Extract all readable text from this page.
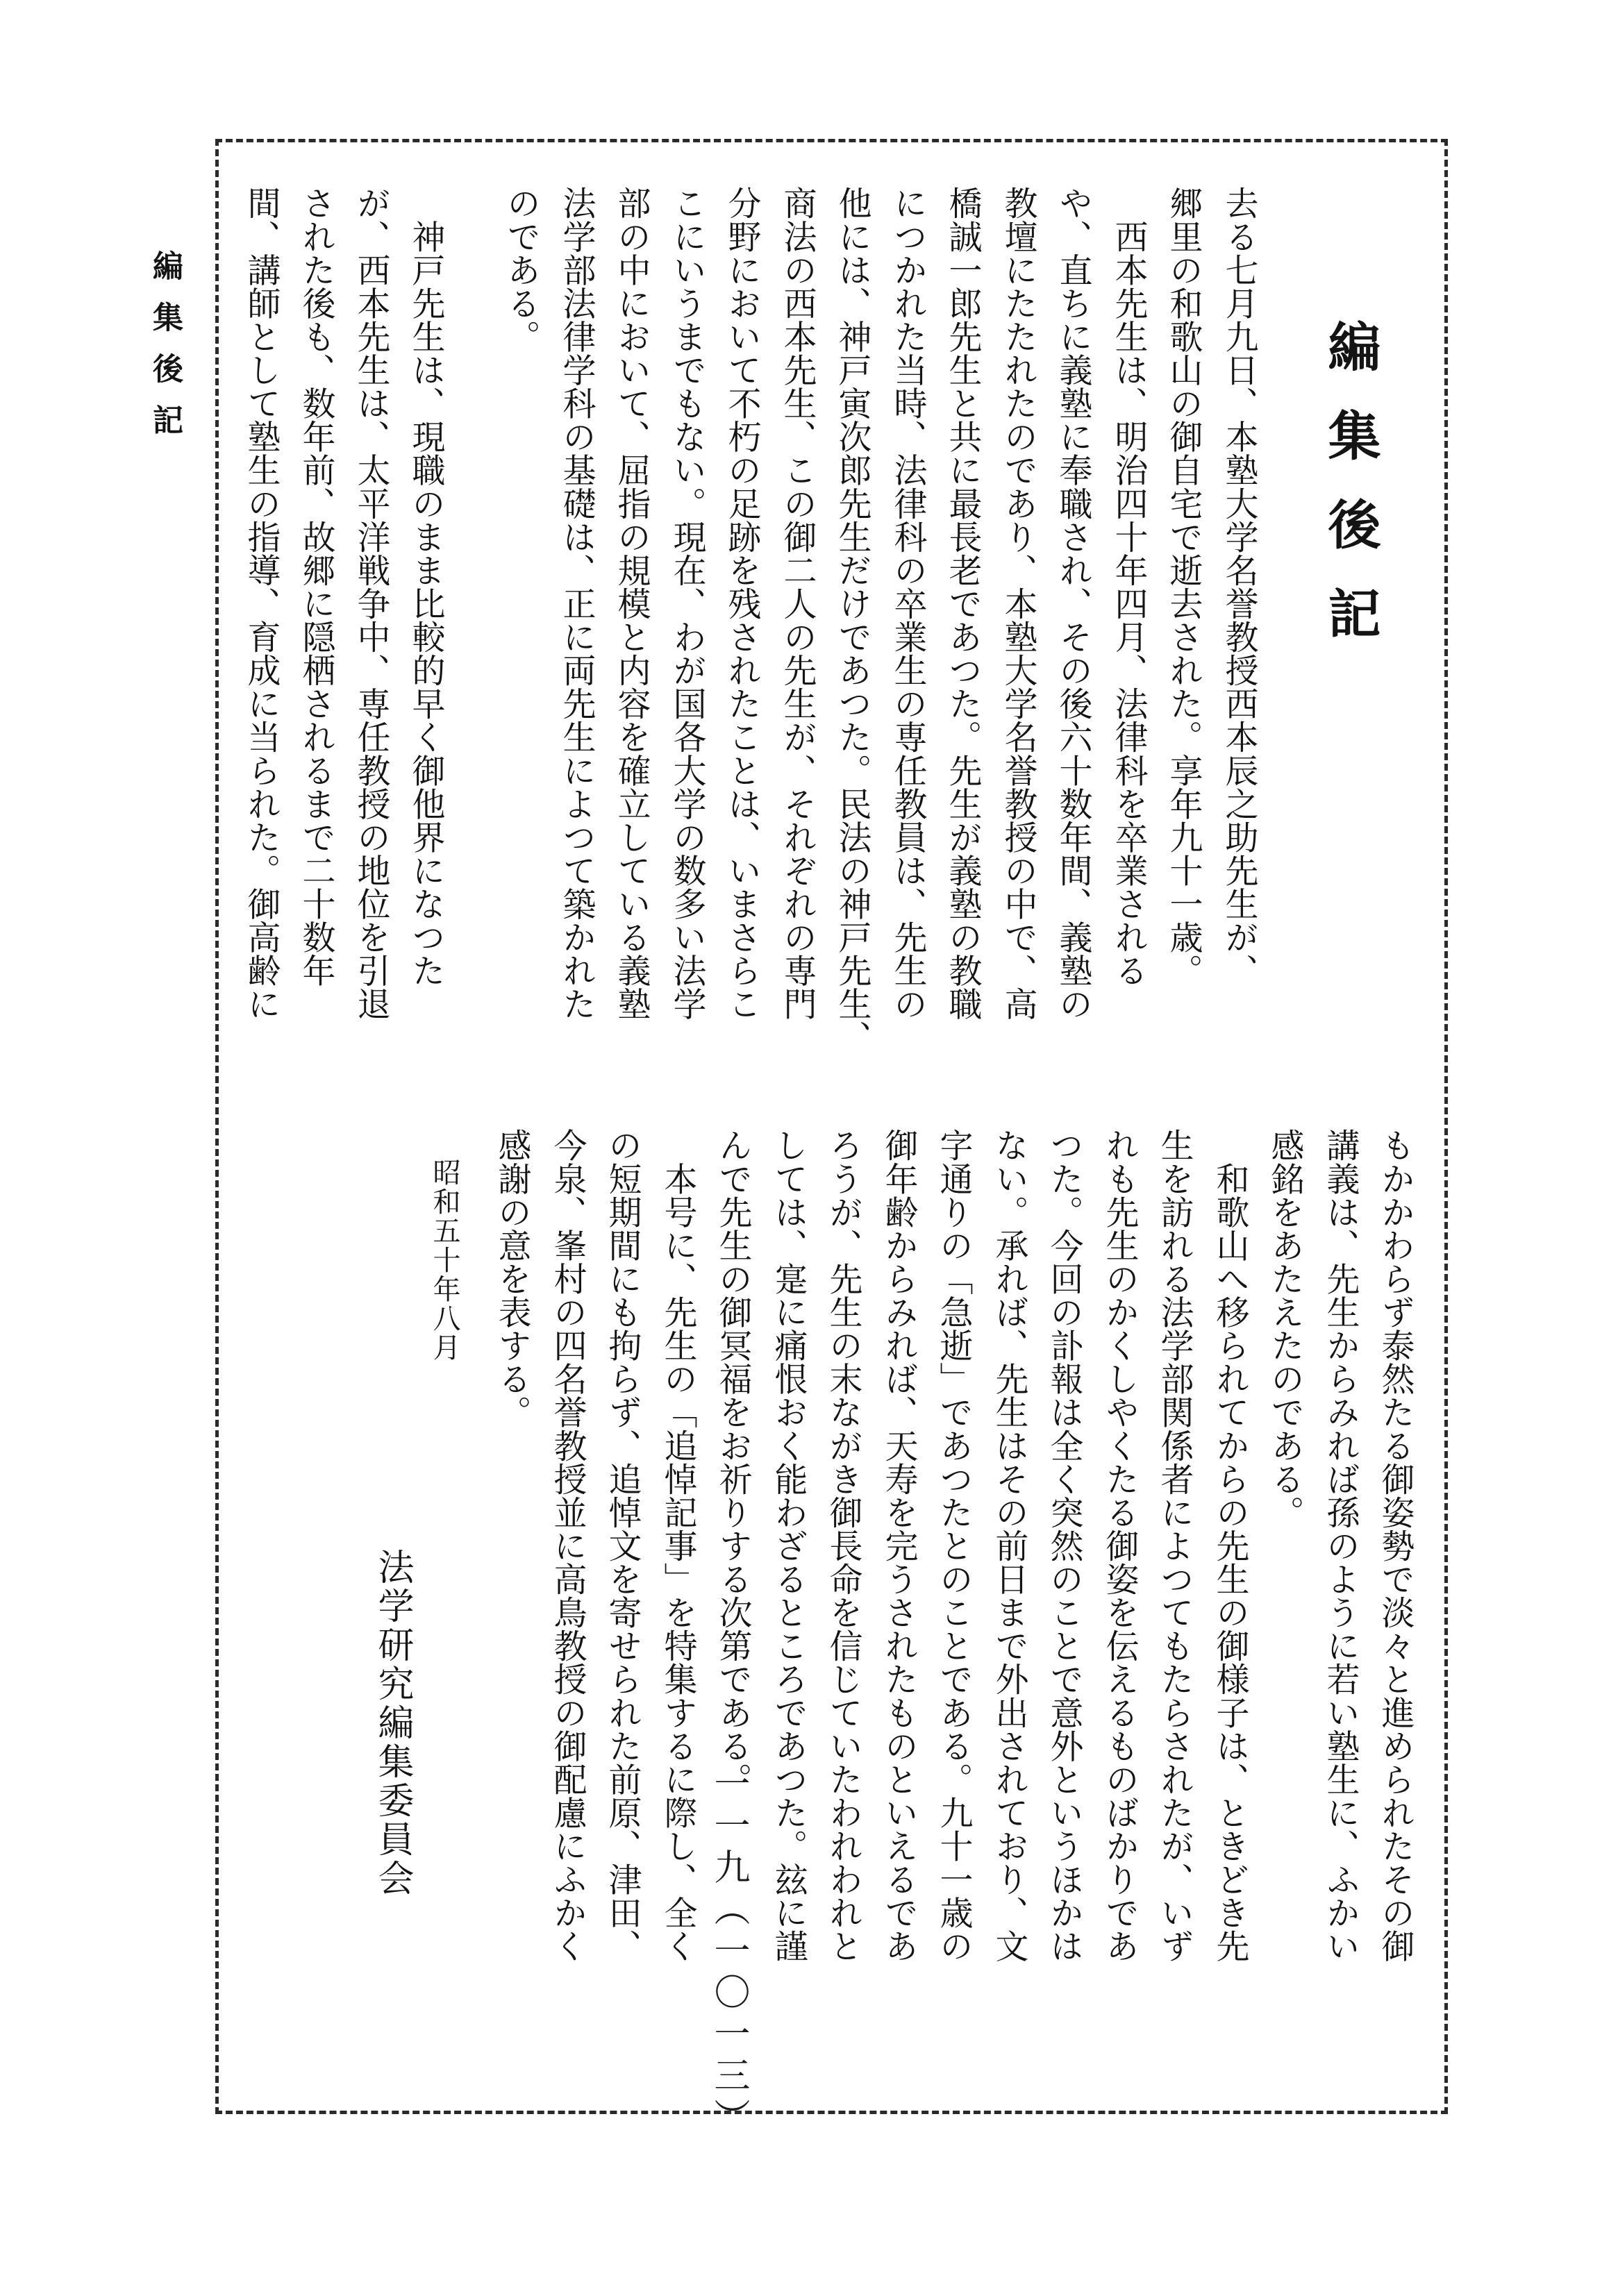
編集後記	編集後記
去る七月九日、本塾大学名誉教授西本辰之助先生が、
郷里の和歌山の御自宅で逝去された。享年九十一歳。
　西本先生は、明治四十年四月、法律科を卒業される
や、直ちに義塾に奉職され、その後六十数年間、義塾の
教壇にたたれたのであり、本塾大学名誉教授の中で、高
橋誠一郎先生と共に最長老であつた。先生が義塾の教職
につかれた当時、法律科の卒業生の専任教員は、先生の
他には、神戸寅次郎先生だけであつた。民法の神戸先生、
商法の西本先生、この御二人の先生が、それぞれの専門
分野において不朽の足跡を残されたことは、いまさらこ
こにいうまでもない。現在、わが国各大学の数多い法学
部の中において、屈指の規模と内容を確立している義塾
法学部法律学科の基礎は、正に両先生によつて築かれた
のである。
　神戸先生は、現職のまま比較的早く御他界になつた
が、西本先生は、太平洋戦争中、専任教授の地位を引退
された後も、数年前、故郷に隠栖されるまで二十数年
間、講師として塾生の指導、育成に当られた。御高齢に
もかかわらず泰然たる御姿勢で淡々と進められたその御
講義は、先生からみれば孫のように若い塾生に、ふかい
感銘をあたえたのである。
　和歌山へ移られてからの先生の御様子は、ときどき先
生を訪れる法学部関係者によつてもたらされたが、いず
れも先生のかくしやくたる御姿を伝えるものばかりであ
つた。今回の訃報は全く突然のことで意外というほかは
ない。承れば、先生はその前日まで外出されており、文
字通りの「急逝」であつたとのことである。九十一歳の
御年齢からみれば、天寿を完うされたものといえるであ
ろうが、先生の末ながき御長命を信じていたわれわれと
しては、寔に痛恨おく能わざるところであつた。玆に謹
んで先生の御冥福をお祈りする次第である。
　本号に、先生の「追悼記事」を特集するに際し、全く
の短期間にも拘らず、追悼文を寄せられた前原、津田、
今泉、峯村の四名誉教授並に高鳥教授の御配慮にふかく
感謝の意を表する。
昭和五十年八月
法学研究編集委員会
一一九（一〇一三）
